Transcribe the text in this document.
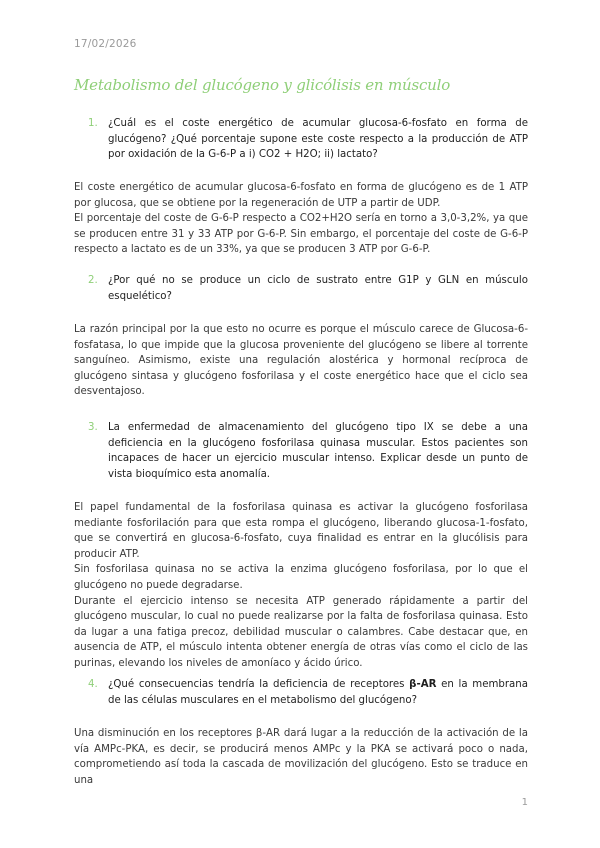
17/02/2026
Metabolismo del glucógeno y glicólisis en músculo
1.	¿Cuál es el coste energético de acumular glucosa-6-fosfato en forma de glucógeno? ¿Qué porcentaje supone este coste respecto a la producción de ATP por oxidación de la G-6-P a i) CO2 + H2O; ii) lactato?

El coste energético de acumular glucosa-6-fosfato en forma de glucógeno es de 1 ATP por glucosa, que se obtiene por la regeneración de UTP a partir de UDP.

El porcentaje del coste de G-6-P respecto a CO2+H2O sería en torno a 3,0-3,2%, ya que se producen entre 31 y 33 ATP por G-6-P. Sin embargo, el porcentaje del coste de G-6-P respecto a lactato es de un 33%, ya que se producen 3 ATP por G-6-P.

2.	¿Por qué no se produce un ciclo de sustrato entre G1P y GLN en músculo esquelético?

La razón principal por la que esto no ocurre es porque el músculo carece de Glucosa-6-fosfatasa, lo que impide que la glucosa proveniente del glucógeno se libere al torrente sanguíneo. Asimismo, existe una regulación alostérica y hormonal recíproca de glucógeno sintasa y glucógeno fosforilasa y el coste energético hace que el ciclo sea desventajoso.

3.	La enfermedad de almacenamiento del glucógeno tipo IX se debe a una deficiencia en la glucógeno fosforilasa quinasa muscular. Estos pacientes son incapaces de hacer un ejercicio muscular intenso. Explicar desde un punto de vista bioquímico esta anomalía.

El papel fundamental de la fosforilasa quinasa es activar la glucógeno fosforilasa mediante fosforilación para que esta rompa el glucógeno, liberando glucosa-1-fosfato, que se convertirá en glucosa-6-fosfato, cuya finalidad es entrar en la glucólisis para producir ATP.

Sin fosforilasa quinasa no se activa la enzima glucógeno fosforilasa, por lo que el glucógeno no puede degradarse.

Durante el ejercicio intenso se necesita ATP generado rápidamente a partir del glucógeno muscular, lo cual no puede realizarse por la falta de fosforilasa quinasa. Esto da lugar a una fatiga precoz, debilidad muscular o calambres. Cabe destacar que, en ausencia de ATP, el músculo intenta obtener energía de otras vías como el ciclo de las purinas, elevando los niveles de amoníaco y ácido úrico.

4.	¿Qué consecuencias tendría la deficiencia de receptores β-AR en la membrana de las células musculares en el metabolismo del glucógeno?

Una disminución en los receptores β-AR dará lugar a la reducción de la activación de la vía AMPc-PKA, es decir, se producirá menos AMPc y la PKA se activará poco o nada, comprometiendo así toda la cascada de movilización del glucógeno. Esto se traduce en una

1
